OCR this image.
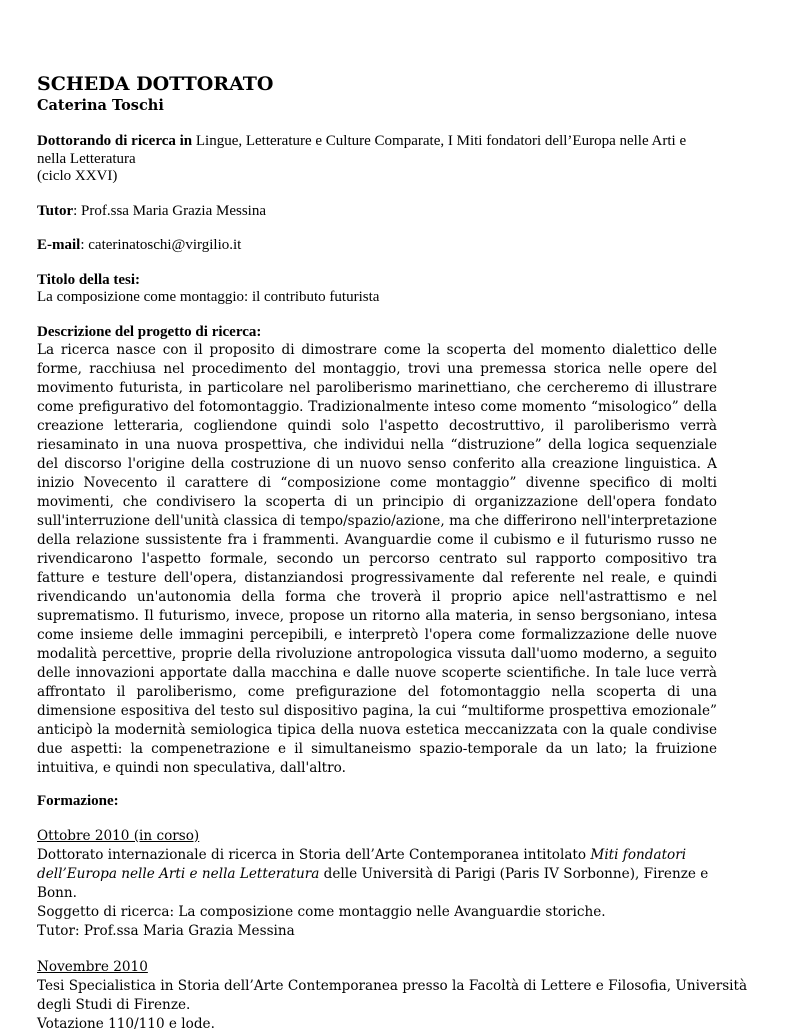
SCHEDA DOTTORATO
Caterina Toschi
Dottorando di ricerca in Lingue, Letterature e Culture Comparate, I Miti fondatori dell’Europa nelle Arti e nella Letteratura
(ciclo XXVI)
Tutor: Prof.ssa Maria Grazia Messina
E-mail: caterinatoschi@virgilio.it
Titolo della tesi:
La composizione come montaggio: il contributo futurista
Descrizione del progetto di ricerca:

La ricerca nasce con il proposito di dimostrare come la scoperta del momento dialettico delle forme, racchiusa nel procedimento del montaggio, trovi una premessa storica nelle opere del movimento futurista, in particolare nel paroliberismo marinettiano, che cercheremo di illustrare come prefigurativo del fotomontaggio. Tradizionalmente inteso come momento “misologico” della creazione letteraria, cogliendone quindi solo l'aspetto decostruttivo, il paroliberismo verrà riesaminato in una nuova prospettiva, che individui nella “distruzione” della logica sequenziale del discorso l'origine della costruzione di un nuovo senso conferito alla creazione linguistica. A inizio Novecento il carattere di “composizione come montaggio” divenne specifico di molti movimenti, che condivisero la scoperta di un principio di organizzazione dell'opera fondato sull'interruzione dell'unità classica di tempo/spazio/azione, ma che differirono nell'interpretazione della relazione sussistente fra i frammenti. Avanguardie come il cubismo e il futurismo russo ne rivendicarono l'aspetto formale, secondo un percorso centrato sul rapporto compositivo tra fatture e testure dell'opera, distanziandosi progressivamente dal referente nel reale, e quindi rivendicando un'autonomia della forma che troverà il proprio apice nell'astrattismo e nel suprematismo. Il futurismo, invece, propose un ritorno alla materia, in senso bergsoniano, intesa come insieme delle immagini percepibili, e interpretò l'opera come formalizzazione delle nuove modalità percettive, proprie della rivoluzione antropologica vissuta dall'uomo moderno, a seguito delle innovazioni apportate dalla macchina e dalle nuove scoperte scientifiche. In tale luce verrà affrontato il paroliberismo, come prefigurazione del fotomontaggio nella scoperta di una dimensione espositiva del testo sul dispositivo pagina, la cui “multiforme prospettiva emozionale” anticipò la modernità semiologica tipica della nuova estetica meccanizzata con la quale condivise due aspetti: la compenetrazione e il simultaneismo spazio-temporale da un lato; la fruizione intuitiva, e quindi non speculativa, dall'altro.

Formazione:

Ottobre 2010 (in corso)

Dottorato internazionale di ricerca in Storia dell’Arte Contemporanea intitolato Miti fondatori

dell’Europa nelle Arti e nella Letteratura delle Università di Parigi (Paris IV Sorbonne), Firenze e Bonn.

Soggetto di ricerca: La composizione come montaggio nelle Avanguardie storiche.

Tutor: Prof.ssa Maria Grazia Messina

Novembre 2010

Tesi Specialistica in Storia dell’Arte Contemporanea presso la Facoltà di Lettere e Filosofia, Università

degli Studi di Firenze.

Votazione 110/110 e lode.
